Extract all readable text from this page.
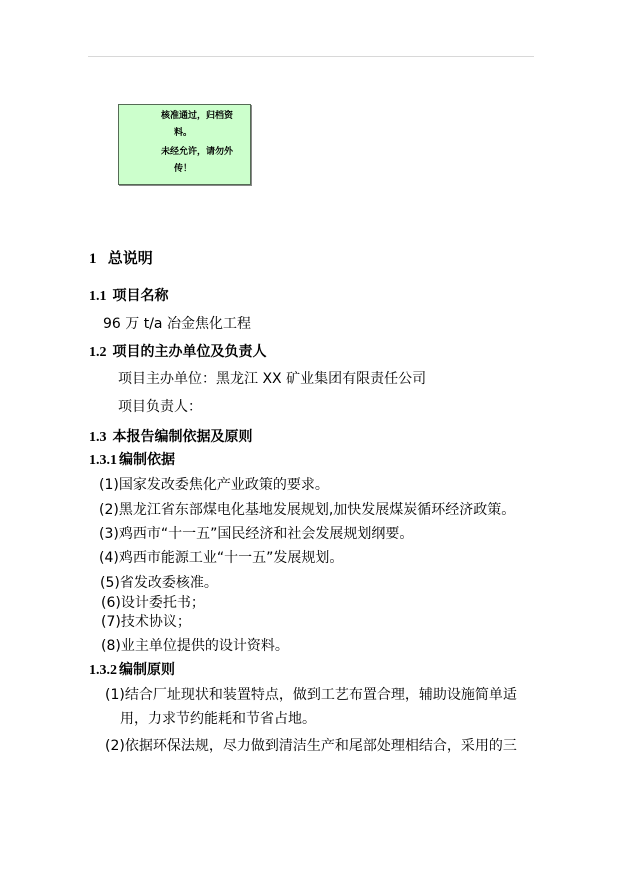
核准通过，归档资
料。
未经允许，请勿外
传！
1 总说明
1.1 项目名称
96 万 t/a 冶金焦化工程
1.2 项目的主办单位及负责人
项目主办单位：黑龙江 XX 矿业集团有限责任公司
项目负责人：
1.3 本报告编制依据及原则
1.3.1 编制依据
(1)国家发改委焦化产业政策的要求。
(2)黑龙江省东部煤电化基地发展规划,加快发展煤炭循环经济政策。
(3)鸡西市“十一五”国民经济和社会发展规划纲要。
(4)鸡西市能源工业“十一五”发展规划。
(5)省发改委核准。
(6)设计委托书；
(7)技术协议；
(8)业主单位提供的设计资料。
1.3.2 编制原则
(1)结合厂址现状和装置特点，做到工艺布置合理，辅助设施简单适
用，力求节约能耗和节省占地。
(2)依据环保法规，尽力做到清洁生产和尾部处理相结合，采用的三
